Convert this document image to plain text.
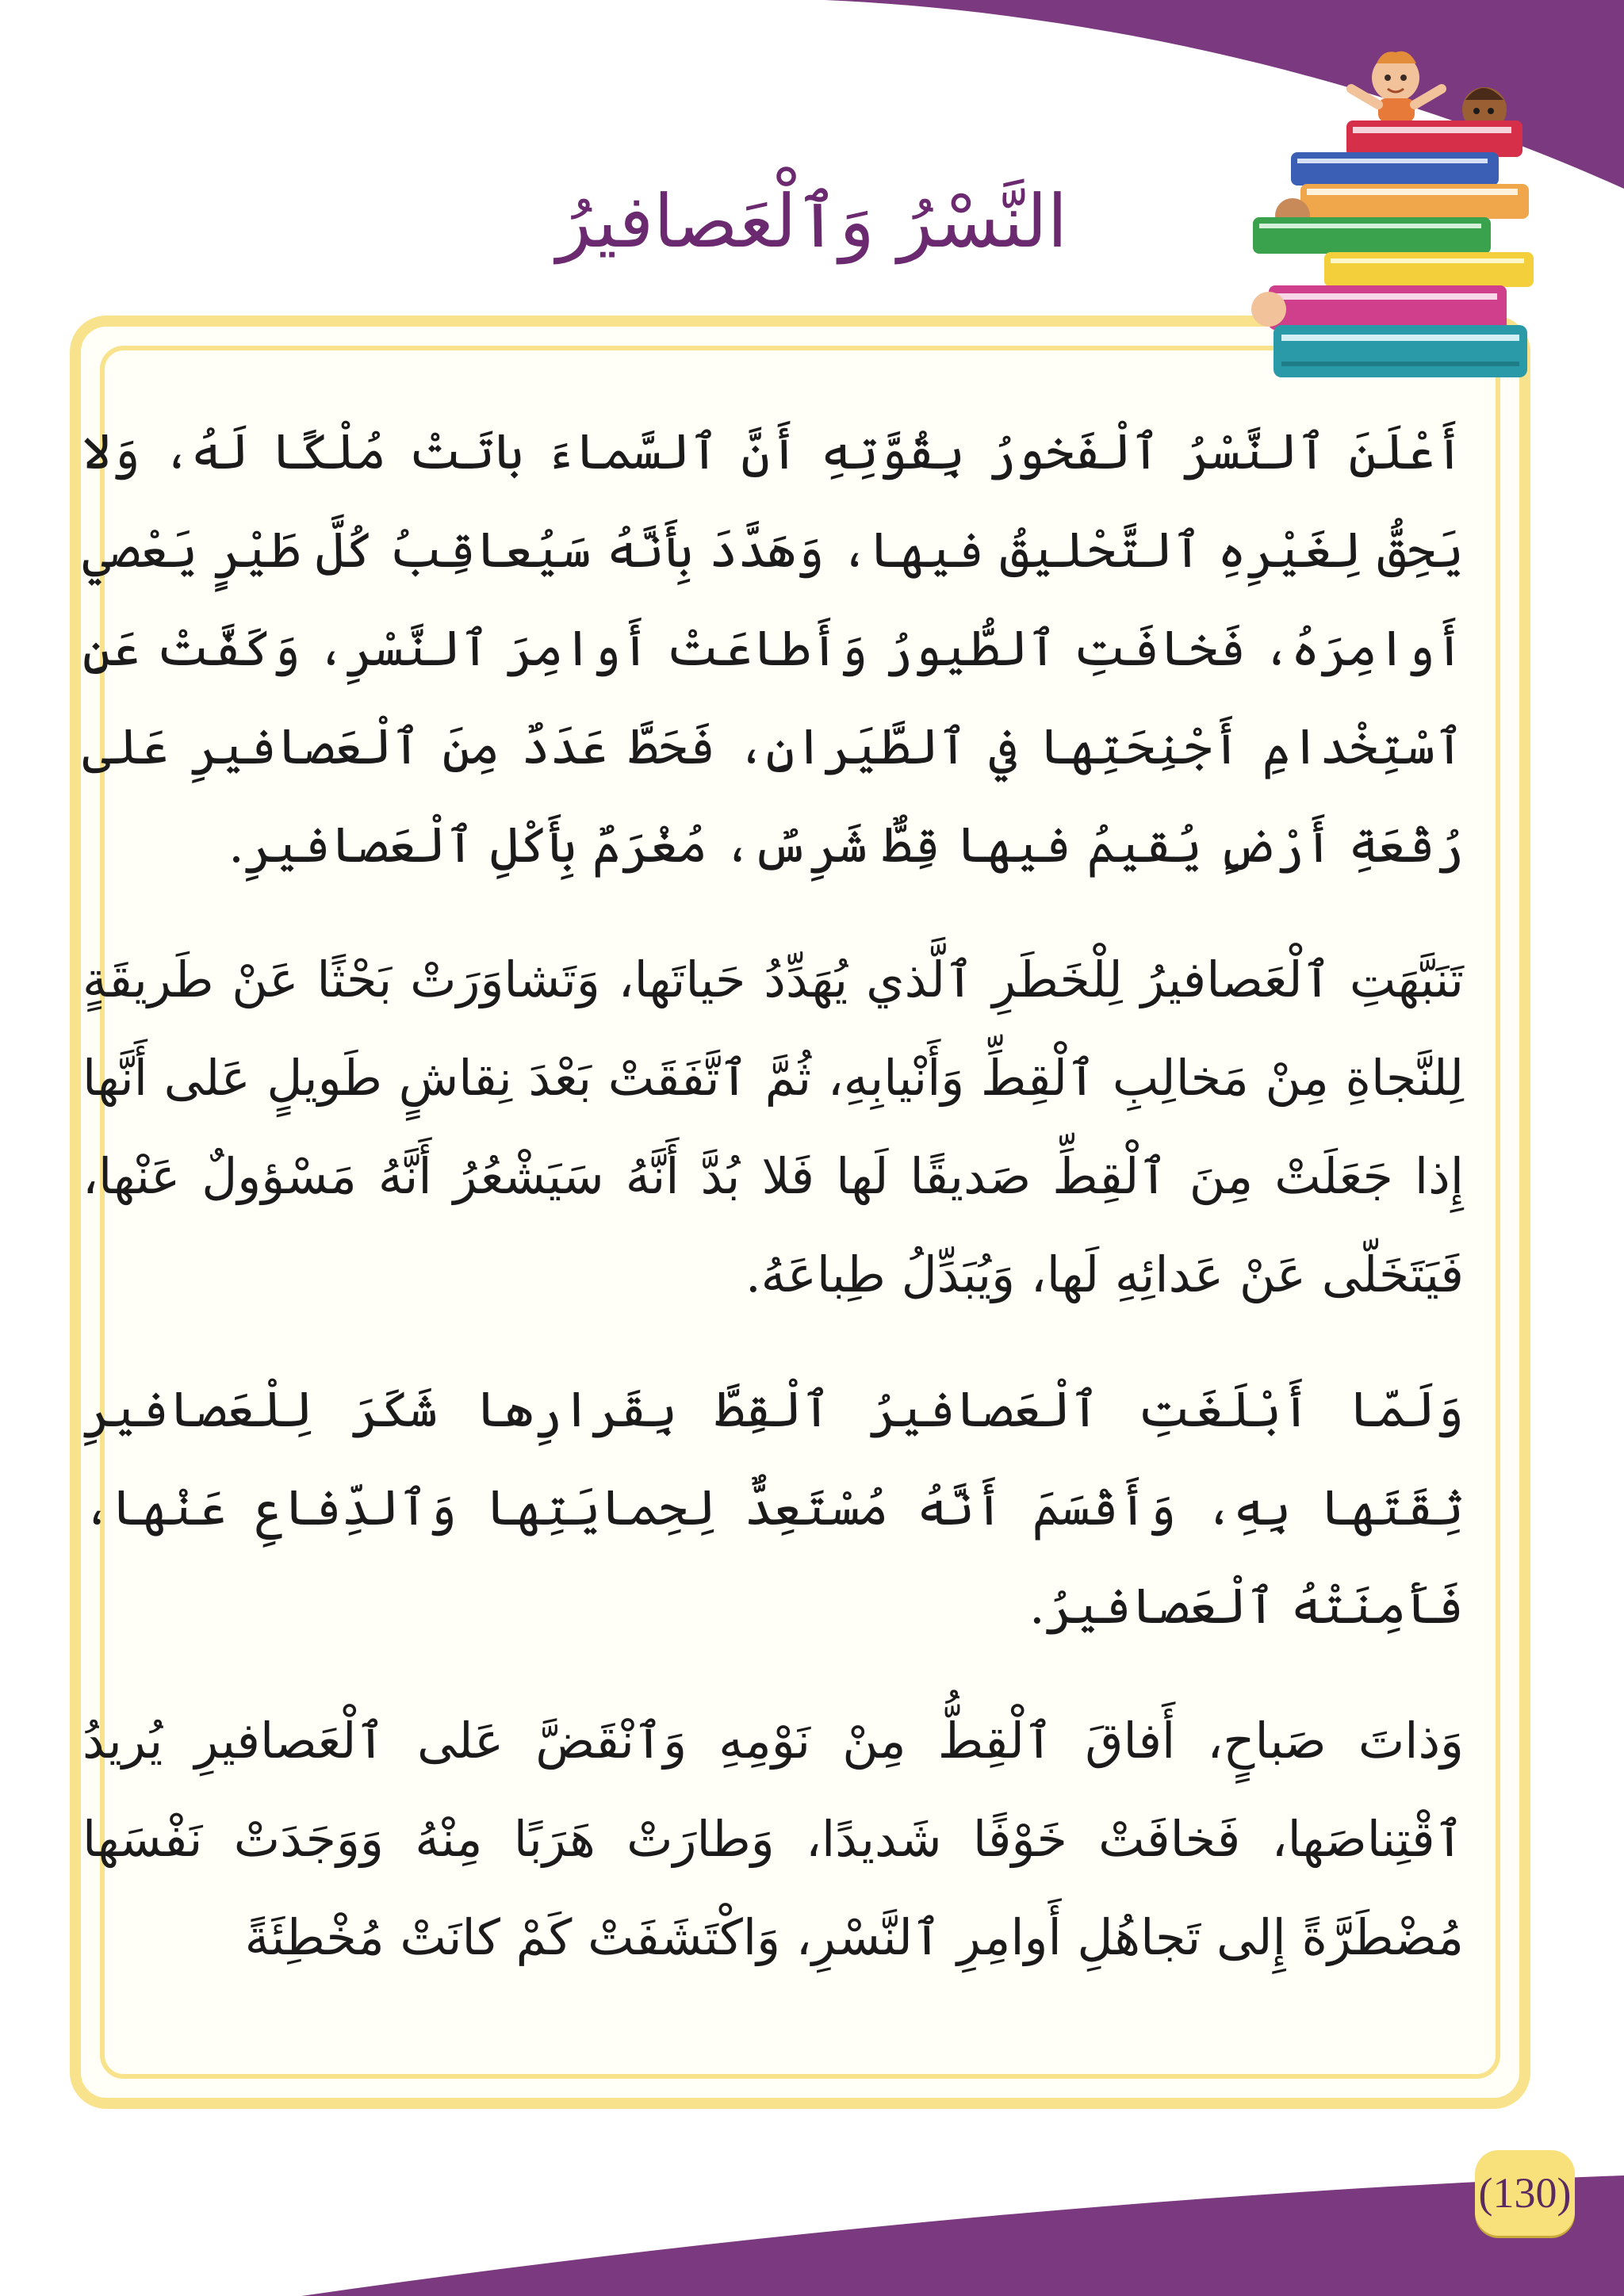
النَّسْرُ وَٱلْعَصافيرُ

أَعْلَنَ ٱلنَّسْرُ ٱلْفَخورُ بِقُوَّتِهِ أَنَّ ٱلسَّماءَ باتَتْ مُلْكًا لَهُ، وَلا يَحِقُّ لِغَيْرِهِ ٱلتَّحْليقُ فيها، وَهَدَّدَ بِأَنَّهُ سَيُعاقِبُ كُلَّ طَيْرٍ يَعْصي أَوامِرَهُ، فَخافَتِ ٱلطُّيورُ وَأَطاعَتْ أَوامِرَ ٱلنَّسْرِ، وَكَفَّتْ عَنِ ٱسْتِخْدامِ أَجْنِحَتِها في ٱلطَّيَرانِ، فَحَطَّ عَدَدٌ مِنَ ٱلْعَصافيرِ عَلى رُقْعَةِ أَرْضٍ يُقيمُ فيها قِطٌّ شَرِسٌ، مُغْرَمٌ بِأَكْلِ ٱلْعَصافيرِ.

تَنَبَّهَتِ ٱلْعَصافيرُ لِلْخَطَرِ ٱلَّذي يُهَدِّدُ حَياتَها، وَتَشاوَرَتْ بَحْثًا عَنْ طَريقَةٍ لِلنَّجاةِ مِنْ مَخالِبِ ٱلْقِطِّ وَأَنْيابِهِ، ثُمَّ ٱتَّفَقَتْ بَعْدَ نِقاشٍ طَويلٍ عَلى أَنَّها إِذا جَعَلَتْ مِنَ ٱلْقِطِّ صَديقًا لَها فَلا بُدَّ أَنَّهُ سَيَشْعُرُ أَنَّهُ مَسْؤولٌ عَنْها، فَيَتَخَلّى عَنْ عَدائِهِ لَها، وَيُبَدِّلُ طِباعَهُ.

وَلَمّا أَبْلَغَتِ ٱلْعَصافيرُ ٱلْقِطَّ بِقَرارِها شَكَرَ لِلْعَصافيرِ ثِقَتَها بِهِ، وَأَقْسَمَ أَنَّهُ مُسْتَعِدٌّ لِحِمايَتِها وَٱلدِّفاعِ عَنْها، فَأَمِنَتْهُ ٱلْعَصافيرُ.

وَذاتَ صَباحٍ، أَفاقَ ٱلْقِطُّ مِنْ نَوْمِهِ وَٱنْقَضَّ عَلى ٱلْعَصافيرِ يُريدُ ٱقْتِناصَها، فَخافَتْ خَوْفًا شَديدًا، وَطارَتْ هَرَبًا مِنْهُ وَوَجَدَتْ نَفْسَها مُضْطَرَّةً إِلى تَجاهُلِ أَوامِرِ ٱلنَّسْرِ، وَاكْتَشَفَتْ كَمْ كانَتْ مُخْطِئَةً

(130)
